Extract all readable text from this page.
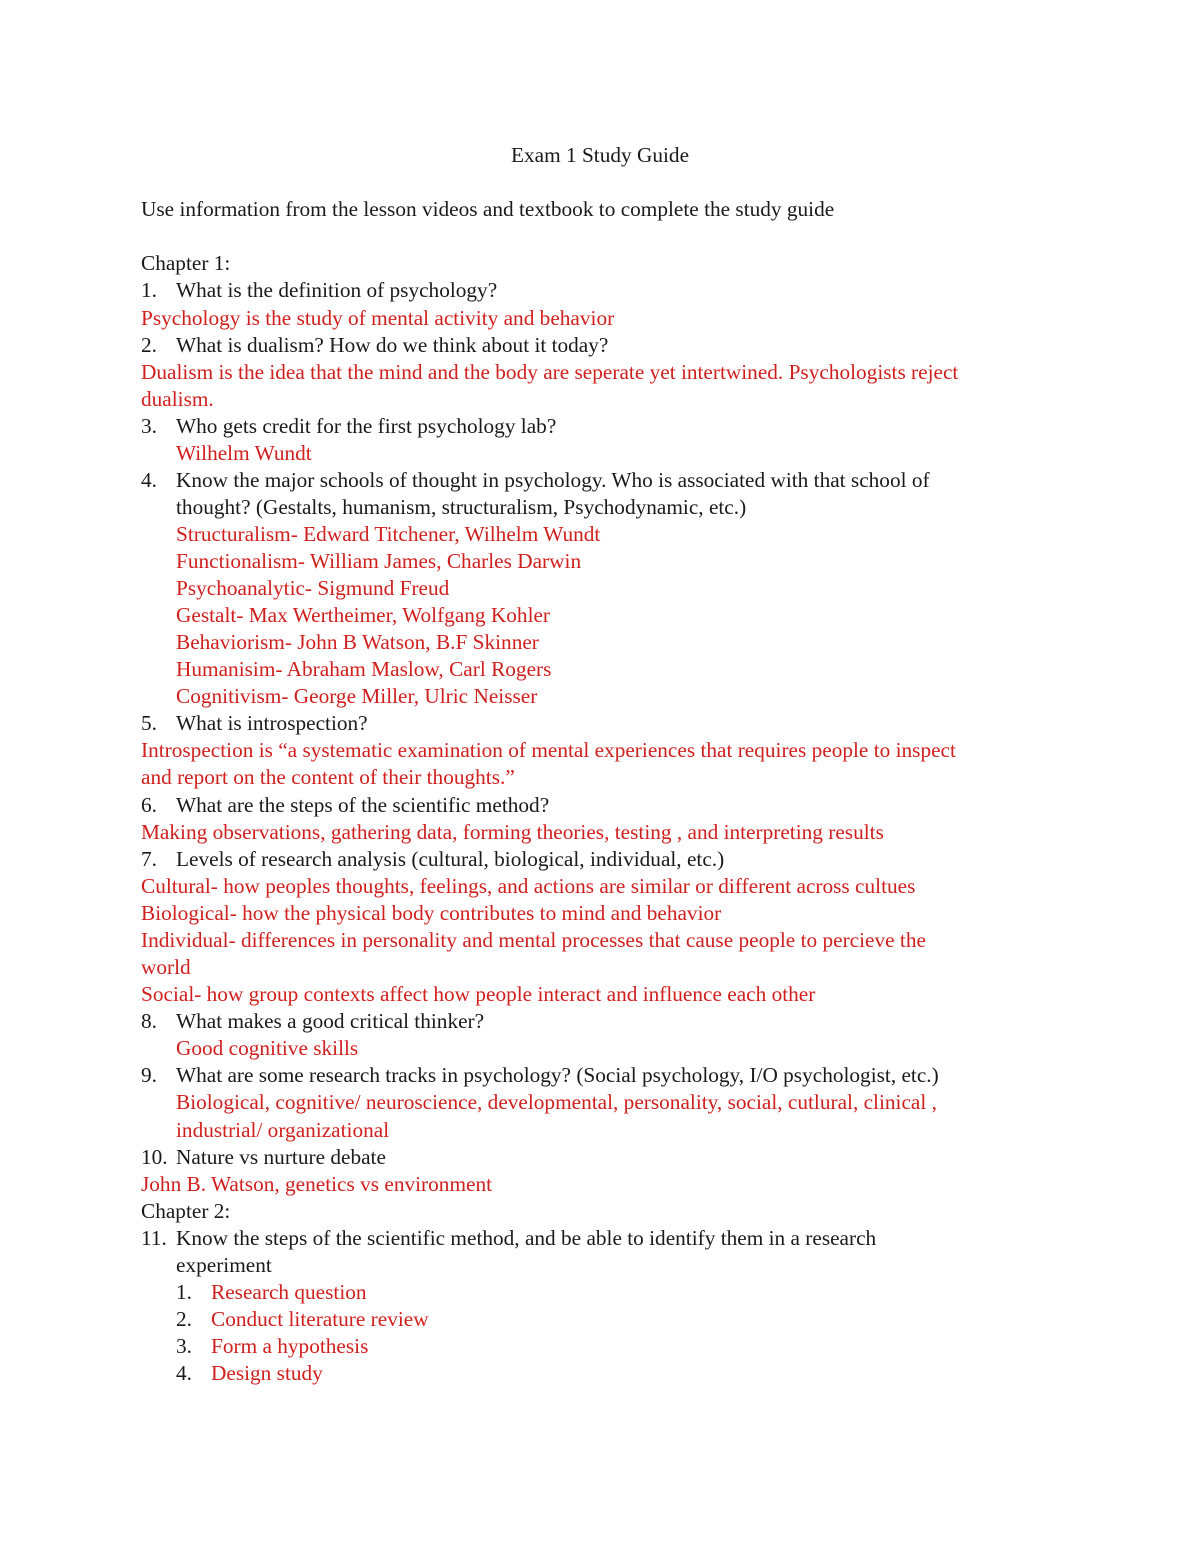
Exam 1 Study Guide
Use information from the lesson videos and textbook to complete the study guide
Chapter 1:
1. What is the definition of psychology?
Psychology is the study of mental activity and behavior
2. What is dualism? How do we think about it today?
Dualism is the idea that the mind and the body are seperate yet intertwined. Psychologists reject
dualism.
3. Who gets credit for the first psychology lab?
Wilhelm Wundt
4. Know the major schools of thought in psychology. Who is associated with that school of
thought? (Gestalts, humanism, structuralism, Psychodynamic, etc.)
Structuralism- Edward Titchener, Wilhelm Wundt
Functionalism- William James, Charles Darwin
Psychoanalytic- Sigmund Freud
Gestalt- Max Wertheimer, Wolfgang Kohler
Behaviorism- John B Watson, B.F Skinner
Humanisim- Abraham Maslow, Carl Rogers
Cognitivism- George Miller, Ulric Neisser
5. What is introspection?
Introspection is “a systematic examination of mental experiences that requires people to inspect
and report on the content of their thoughts.”
6. What are the steps of the scientific method?
Making observations, gathering data, forming theories, testing , and interpreting results
7. Levels of research analysis (cultural, biological, individual, etc.)
Cultural- how peoples thoughts, feelings, and actions are similar or different across cultues
Biological- how the physical body contributes to mind and behavior
Individual- differences in personality and mental processes that cause people to percieve the
world
Social- how group contexts affect how people interact and influence each other
8. What makes a good critical thinker?
Good cognitive skills
9. What are some research tracks in psychology? (Social psychology, I/O psychologist, etc.)
Biological, cognitive/ neuroscience, developmental, personality, social, cutlural, clinical ,
industrial/ organizational
10. Nature vs nurture debate
John B. Watson, genetics vs environment
Chapter 2:
11. Know the steps of the scientific method, and be able to identify them in a research
experiment
1. Research question
2. Conduct literature review
3. Form a hypothesis
4. Design study
